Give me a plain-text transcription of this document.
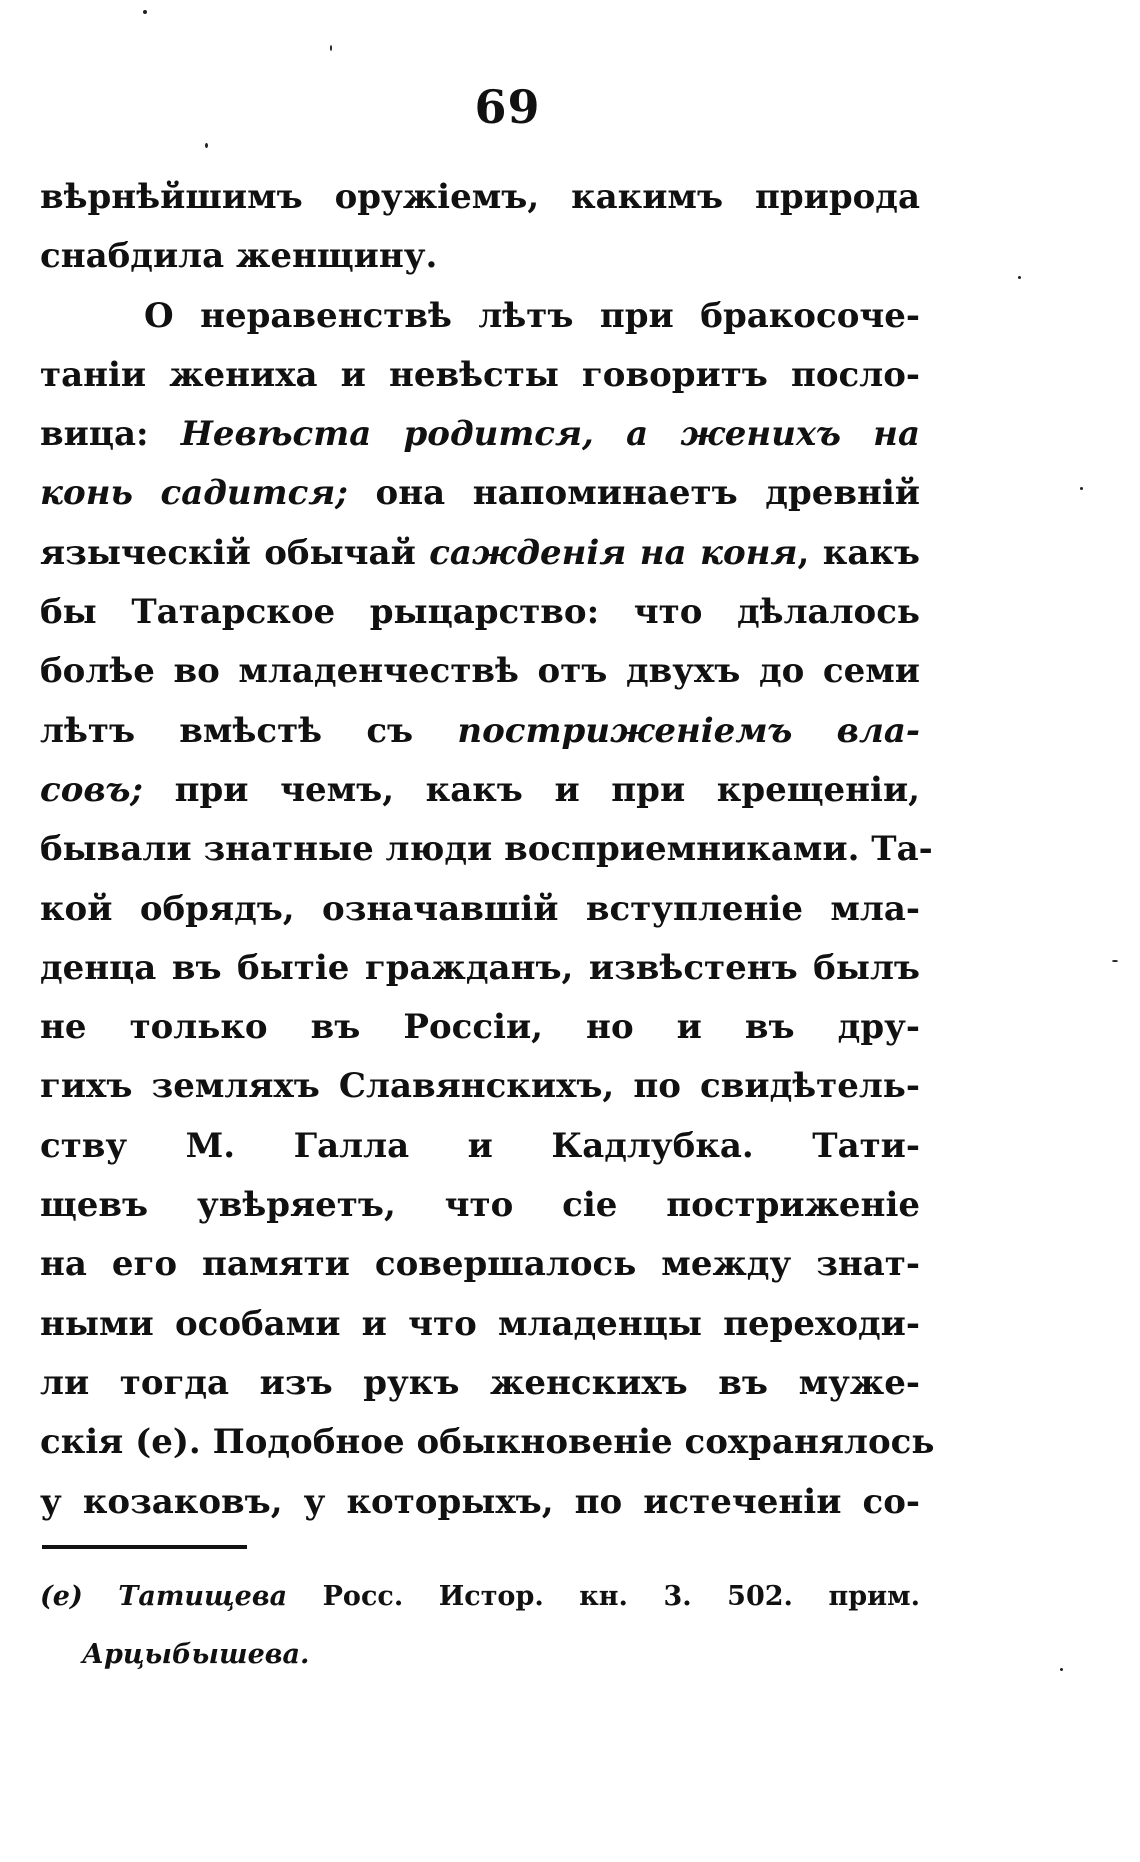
69
вѣрнѣйшимъ оружіемъ, какимъ природа
снабдила женщину.
О неравенствѣ лѣтъ при бракосоче-
таніи жениха и невѣсты говоритъ посло-
вица: Невѣста родится, а женихъ на
конь садится; она напоминаетъ древній
языческій обычай сажденія на коня, какъ
бы Татарское рыцарство: что дѣлалось
болѣе во младенчествѣ отъ двухъ до семи
лѣтъ вмѣстѣ съ постриженіемъ вла-
совъ; при чемъ, какъ и при крещеніи,
бывали знатные люди восприемниками. Та-
кой обрядъ, означавшій вступленіе мла-
денца въ бытіе гражданъ, извѣстенъ былъ
не только въ Россіи, но и въ дру-
гихъ земляхъ Славянскихъ, по свидѣтель-
ству М. Галла и Кадлубка. Тати-
щевъ увѣряетъ, что сіе постриженіе
на его памяти совершалось между знат-
ными особами и что младенцы переходи-
ли тогда изъ рукъ женскихъ въ муже-
скія (е). Подобное обыкновеніе сохранялось
у козаковъ, у которыхъ, по истеченіи со-
(е) Татищева Росс. Истор. кн. 3. 502. прим.
Арцыбышева.
